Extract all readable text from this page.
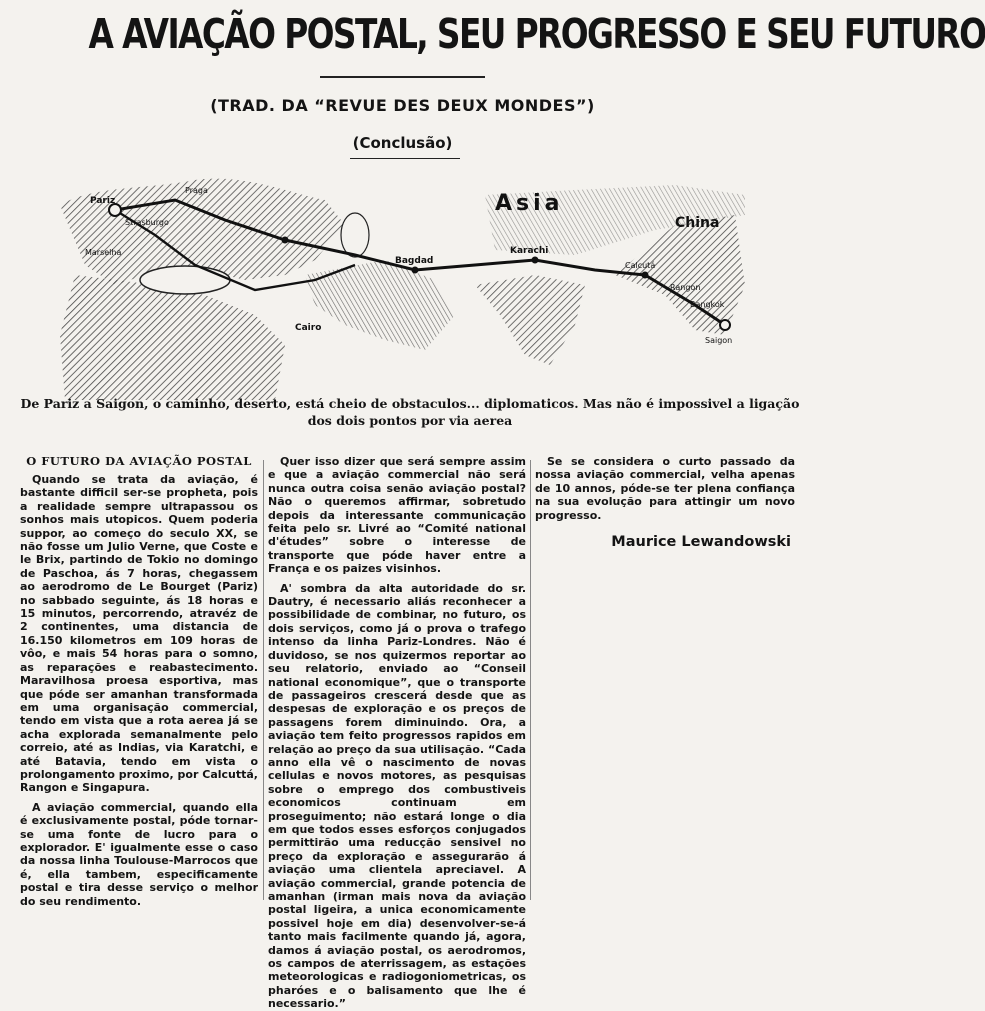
A AVIAÇÃO POSTAL, SEU PROGRESSO E SEU FUTURO
(TRAD. DA “REVUE DES DEUX MONDES”)
(Conclusão)
Asia
China
Pariz
Strasburgo
Marselha
Praga
Cairo
Bagdad
Karachi
Calcutá
Rangon
Bangkok
Saigon
De Pariz a Saigon, o caminho, deserto, está cheio de obstaculos... diplomaticos. Mas não é impossivel a ligação dos dois pontos por via aerea
O FUTURO DA AVIAÇÃO POSTAL

Quando se trata da aviação, é bastante difficil ser-se propheta, pois a realidade sempre ultrapassou os sonhos mais utopicos. Quem poderia suppor, ao começo do seculo XX, se não fosse um Julio Verne, que Coste e le Brix, partindo de Tokio no domingo de Paschoa, ás 7 horas, chegassem ao aerodromo de Le Bourget (Pariz) no sabbado seguinte, ás 18 horas e 15 minutos, percorrendo, atravéz de 2 continentes, uma distancia de 16.150 kilometros em 109 horas de vôo, e mais 54 horas para o somno, as reparações e reabastecimento. Maravilhosa proesa esportiva, mas que póde ser amanhan transformada em uma organisação commercial, tendo em vista que a rota aerea já se acha explorada semanalmente pelo correio, até as Indias, via Karatchi, e até Batavia, tendo em vista o prolongamento proximo, por Calcuttá, Rangon e Singapura.

A aviação commercial, quando ella é exclusivamente postal, póde tornar-se uma fonte de lucro para o explorador. E' igualmente esse o caso da nossa linha Toulouse-Marrocos que é, ella tambem, especificamente postal e tira desse serviço o melhor do seu rendimento.

Quer isso dizer que será sempre assim e que a aviação commercial não será nunca outra coisa senão aviação postal? Não o queremos affirmar, sobretudo depois da interessante communicação feita pelo sr. Livré ao “Comité national d'études” sobre o interesse de transporte que póde haver entre a França e os paizes visinhos.

A' sombra da alta autoridade do sr. Dautry, é necessario aliás reconhecer a possibilidade de combinar, no futuro, os dois serviços, como já o prova o trafego intenso da linha Pariz-Londres. Não é duvidoso, se nos quizermos reportar ao seu relatorio, enviado ao “Conseil national economique”, que o transporte de passageiros crescerá desde que as despesas de exploração e os preços de passagens forem diminuindo. Ora, a aviação tem feito progressos rapidos em relação ao preço da sua utilisação. “Cada anno ella vê o nascimento de novas cellulas e novos motores, as pesquisas sobre o emprego dos combustiveis economicos continuam em proseguimento; não estará longe o dia em que todos esses esforços conjugados permittirão uma reducção sensivel no preço da exploração e assegurarão á aviação uma clientela apreciavel. A aviação commercial, grande potencia de amanhan (irman mais nova da aviação postal ligeira, a unica economicamente possivel hoje em dia) desenvolver-se-á tanto mais facilmente quando já, agora, damos á aviação postal, os aerodromos, os campos de aterrissagem, as estações meteorologicas e radiogoniometricas, os pharóes e o balisamento que lhe é necessario.”

Se se considera o curto passado da nossa aviação commercial, velha apenas de 10 annos, póde-se ter plena confiança na sua evolução para attingir um novo progresso.

Maurice Lewandowski
